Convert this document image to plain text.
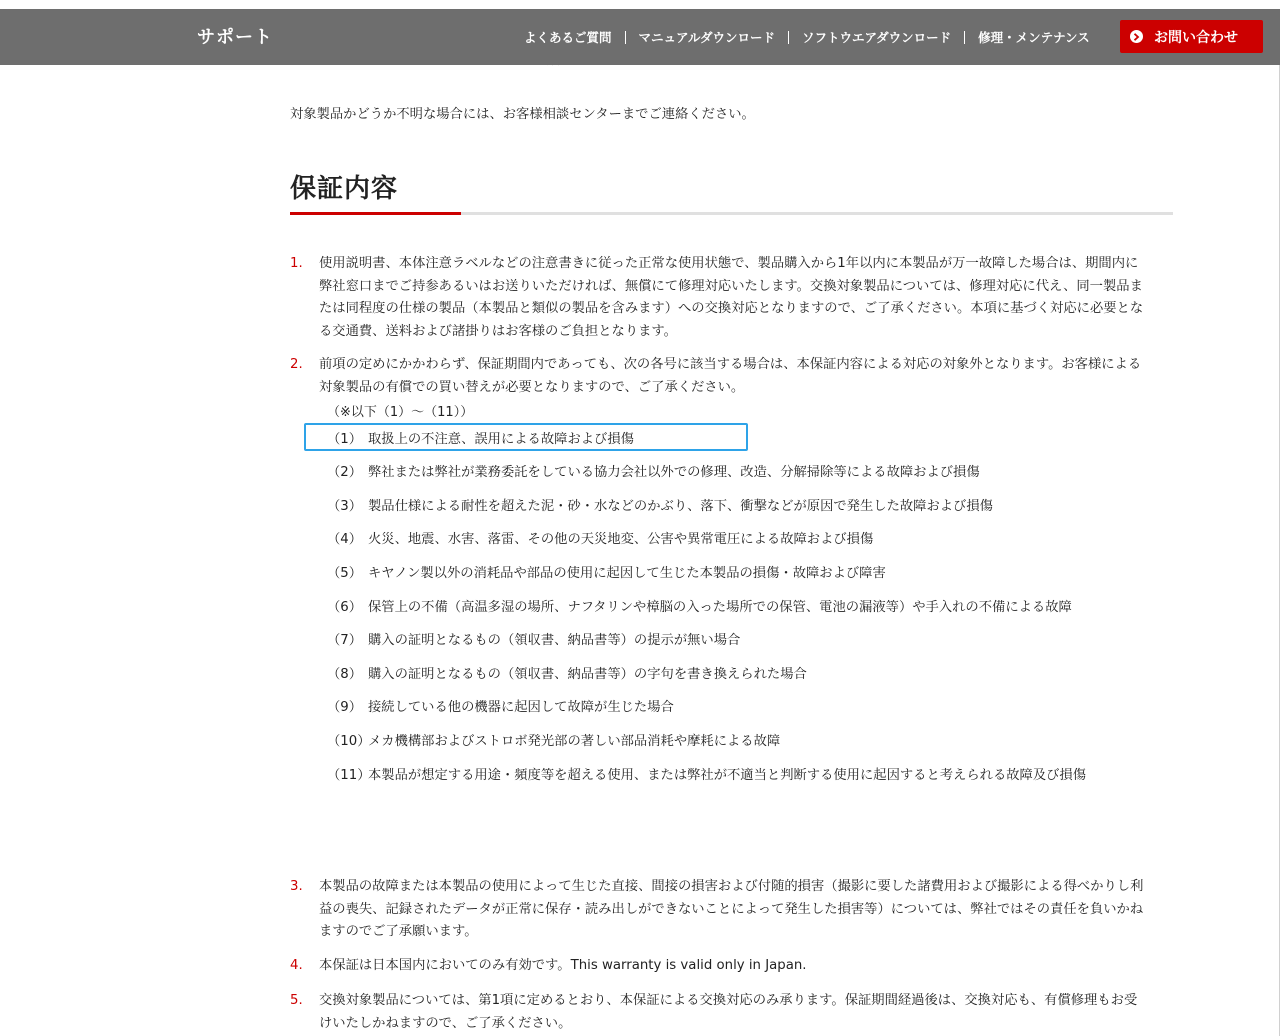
サポート	よくあるご質問 マニュアルダウンロード ソフトウエアダウンロード 修理・メンテナンス	お問い合わせ
対象製品かどうか不明な場合には、お客様相談センターまでご連絡ください。
保証内容
1. 使用説明書、本体注意ラベルなどの注意書きに従った正常な使用状態で、製品購入から1年以内に本製品が万一故障した場合は、期間内に
弊社窓口までご持参あるいはお送りいただければ、無償にて修理対応いたします。交換対象製品については、修理対応に代え、同一製品ま
たは同程度の仕様の製品（本製品と類似の製品を含みます）への交換対応となりますので、ご了承ください。本項に基づく対応に必要とな
る交通費、送料および諸掛りはお客様のご負担となります。
2. 前項の定めにかかわらず、保証期間内であっても、次の各号に該当する場合は、本保証内容による対応の対象外となります。お客様による
対象製品の有償での買い替えが必要となりますので、ご了承ください。
3. 本製品の故障または本製品の使用によって生じた直接、間接の損害および付随的損害（撮影に要した諸費用および撮影による得べかりし利
益の喪失、記録されたデータが正常に保存・読み出しができないことによって発生した損害等）については、弊社ではその責任を負いかね
ますのでご了承願います。
4. 本保証は日本国内においてのみ有効です。This warranty is valid only in Japan.
5. 交換対象製品については、第1項に定めるとおり、本保証による交換対応のみ承ります。保証期間経過後は、交換対応も、有償修理もお受
けいたしかねますので、ご了承ください。
（※以下（1）～（11））
（1） 取扱上の不注意、誤用による故障および損傷
（2） 弊社または弊社が業務委託をしている協力会社以外での修理、改造、分解掃除等による故障および損傷
（3） 製品仕様による耐性を超えた泥・砂・水などのかぶり、落下、衝撃などが原因で発生した故障および損傷
（4） 火災、地震、水害、落雷、その他の天災地変、公害や異常電圧による故障および損傷
（5） キヤノン製以外の消耗品や部品の使用に起因して生じた本製品の損傷・故障および障害
（6） 保管上の不備（高温多湿の場所、ナフタリンや樟脳の入った場所での保管、電池の漏液等）や手入れの不備による故障
（7） 購入の証明となるもの（領収書、納品書等）の提示が無い場合
（8） 購入の証明となるもの（領収書、納品書等）の字句を書き換えられた場合
（9） 接続している他の機器に起因して故障が生じた場合
（10）メカ機構部およびストロボ発光部の著しい部品消耗や摩耗による故障
（11）本製品が想定する用途・頻度等を超える使用、または弊社が不適当と判断する使用に起因すると考えられる故障及び損傷
